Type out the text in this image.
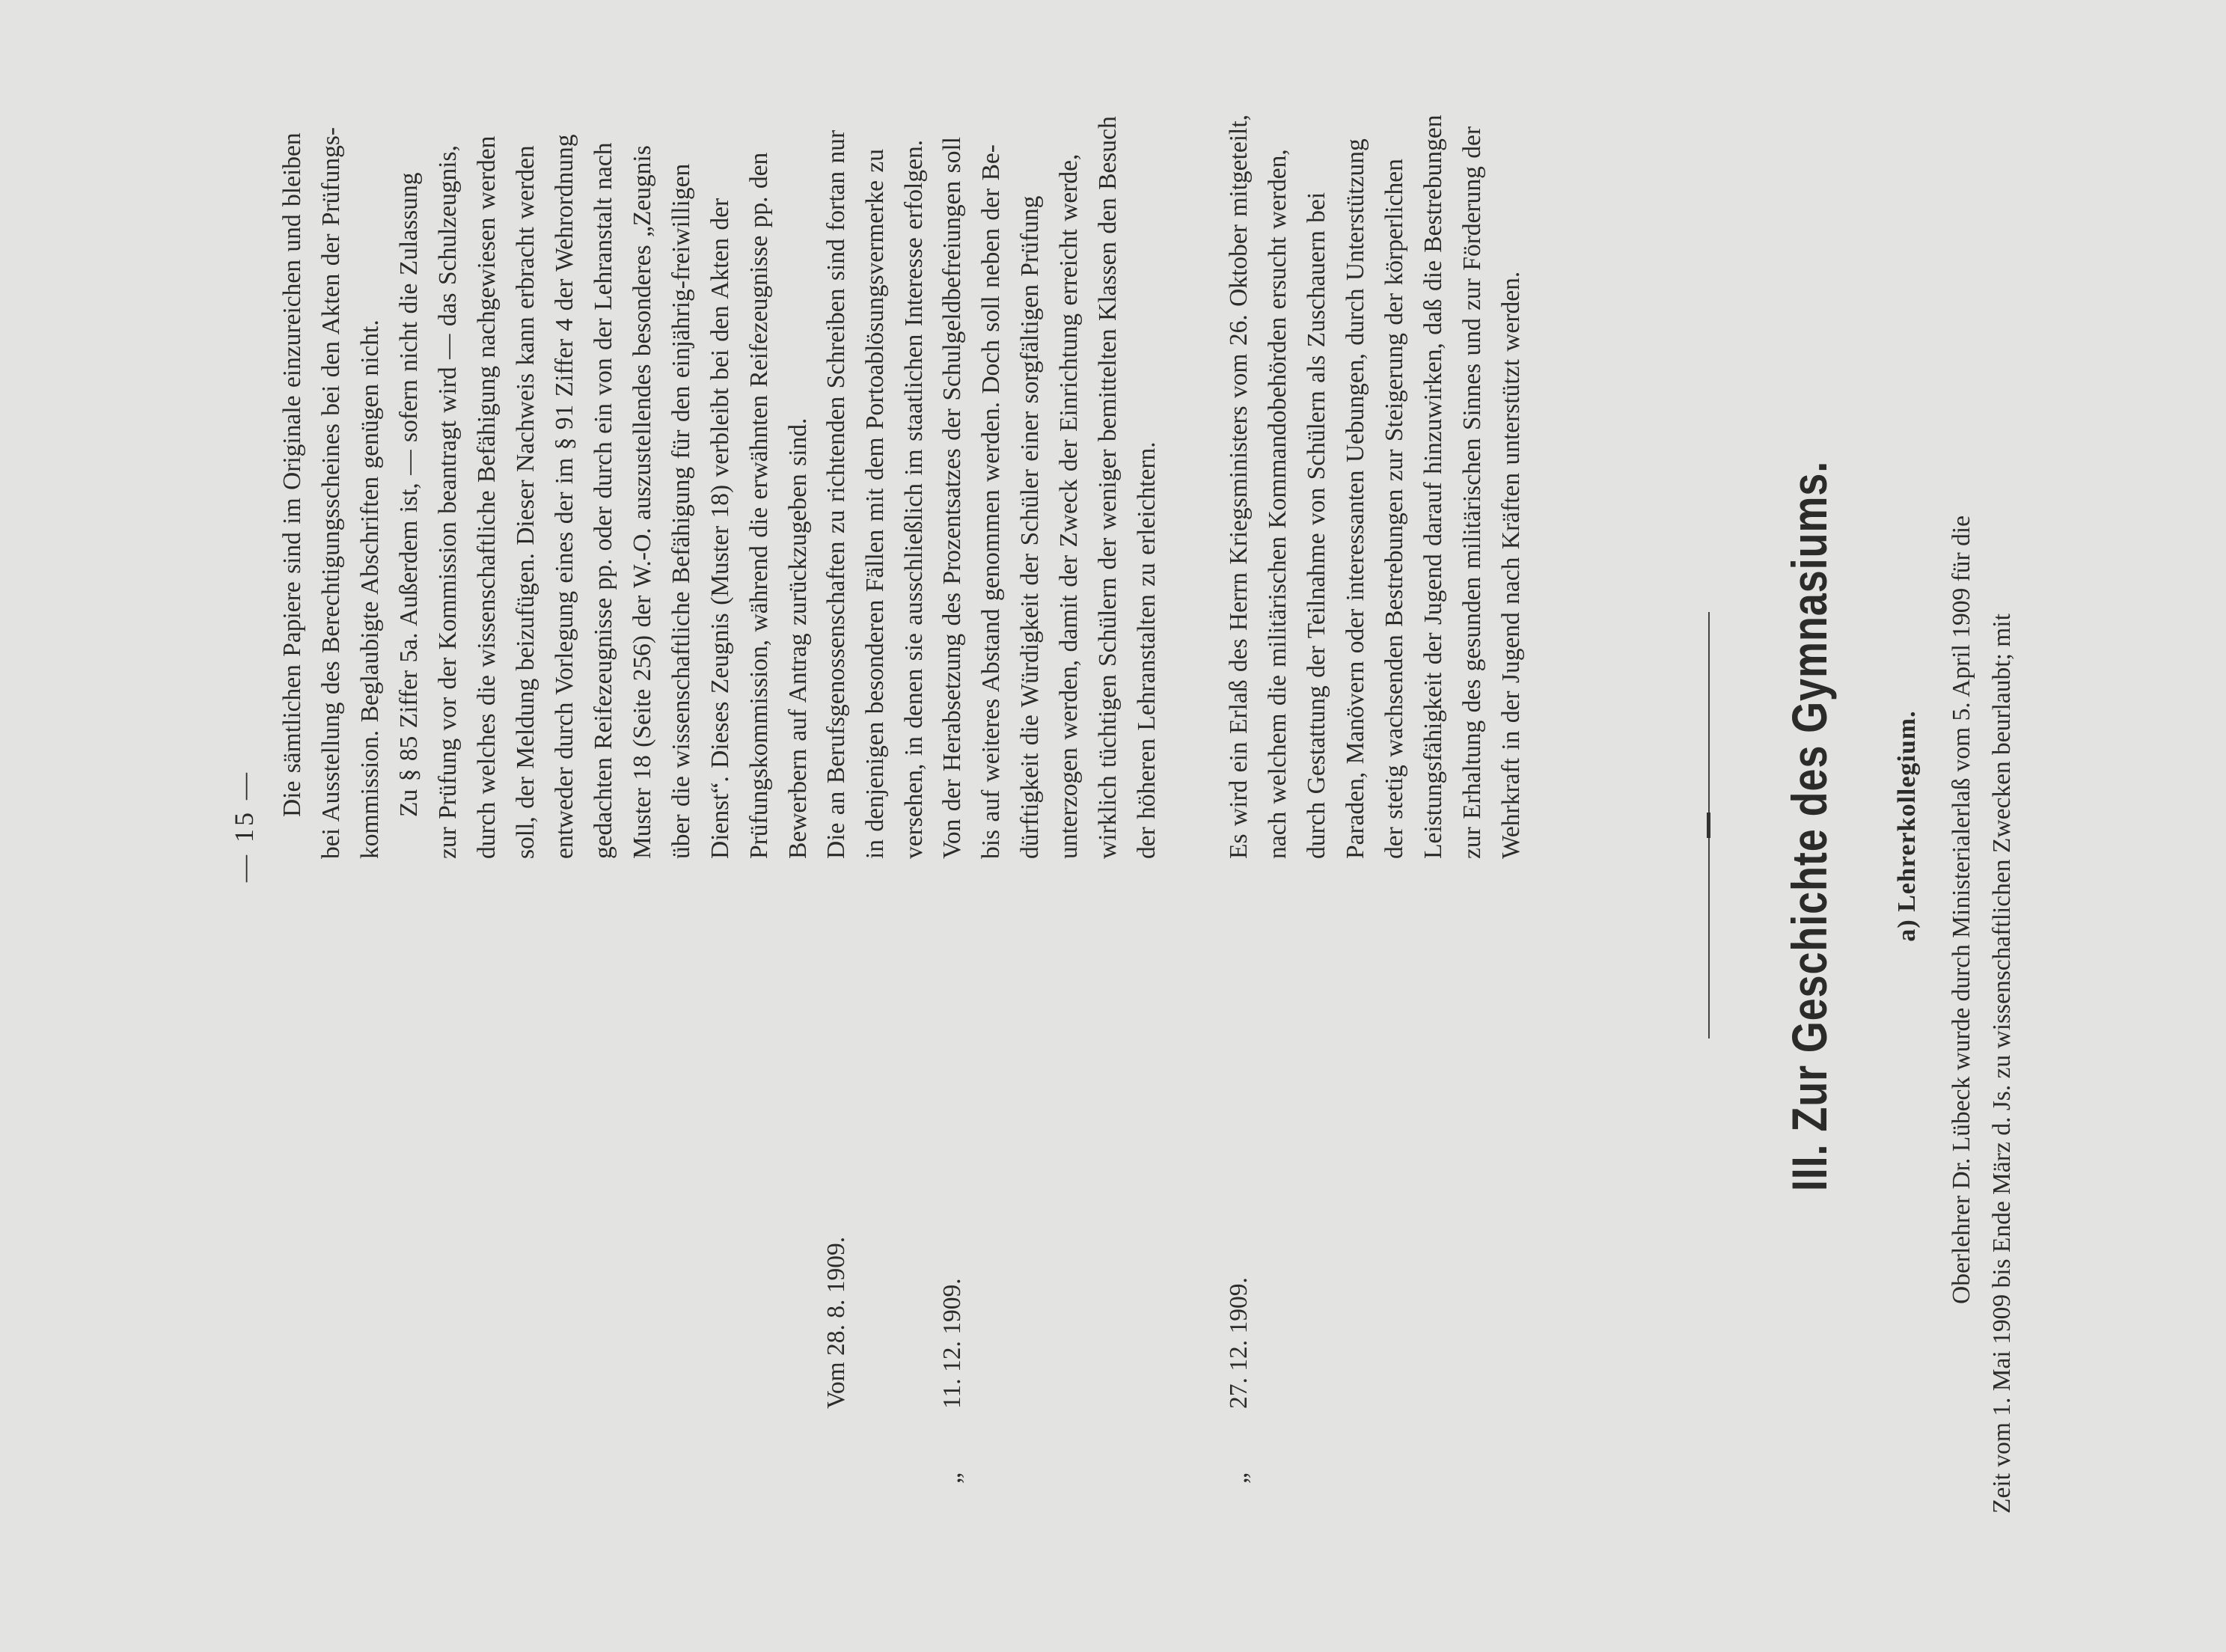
— 15 —

Die sämtlichen Papiere sind im Originale einzureichen und bleiben bei Ausstellung des Berechtigungsscheines bei den Akten der Prüfungs- kommission. Beglaubigte Abschriften genügen nicht. Zu § 85 Ziffer 5a. Außerdem ist, — sofern nicht die Zulassung zur Prüfung vor der Kommission beantragt wird — das Schulzeugnis, durch welches die wissenschaftliche Befähigung nachgewiesen werden soll, der Meldung beizufügen. Dieser Nachweis kann erbracht werden entweder durch Vorlegung eines der im § 91 Ziffer 4 der Wehrordnung gedachten Reifezeugnisse pp. oder durch ein von der Lehranstalt nach Muster 18 (Seite 256) der W.-O. auszustellendes besonderes „Zeugnis über die wissenschaftliche Befähigung für den einjährig-freiwilligen Dienst“. Dieses Zeugnis (Muster 18) verbleibt bei den Akten der Prüfungskommission, während die erwähnten Reifezeugnisse pp. den Bewerbern auf Antrag zurückzugeben sind.

Vom 28. 8. 1909.

Die an Berufsgenossenschaften zu richtenden Schreiben sind fortan nur in denjenigen besonderen Fällen mit dem Portoablösungsvermerke zu versehen, in denen sie ausschließlich im staatlichen Interesse erfolgen.

„11. 12. 1909.

Von der Herabsetzung des Prozentsatzes der Schulgeldbefreiungen soll bis auf weiteres Abstand genommen werden. Doch soll neben der Be- dürftigkeit die Würdigkeit der Schüler einer sorgfältigen Prüfung unterzogen werden, damit der Zweck der Einrichtung erreicht werde, wirklich tüchtigen Schülern der weniger bemittelten Klassen den Besuch der höheren Lehranstalten zu erleichtern.

„27. 12. 1909.

Es wird ein Erlaß des Herrn Kriegsministers vom 26. Oktober mitgeteilt, nach welchem die militärischen Kommandobehörden ersucht werden, durch Gestattung der Teilnahme von Schülern als Zuschauern bei Paraden, Manövern oder interessanten Uebungen, durch Unterstützung der stetig wachsenden Bestrebungen zur Steigerung der körperlichen Leistungsfähigkeit der Jugend darauf hinzuwirken, daß die Bestrebungen zur Erhaltung des gesunden militärischen Sinnes und zur Förderung der Wehrkraft in der Jugend nach Kräften unterstützt werden.	III. Zur Geschichte des Gymnasiums. a) Lehrerkollegium. Oberlehrer Dr. Lübeck wurde durch Ministerialerlaß vom 5. April 1909 für die Zeit vom 1. Mai 1909 bis Ende März d. Js. zu wissenschaftlichen Zwecken beurlaubt; mit
